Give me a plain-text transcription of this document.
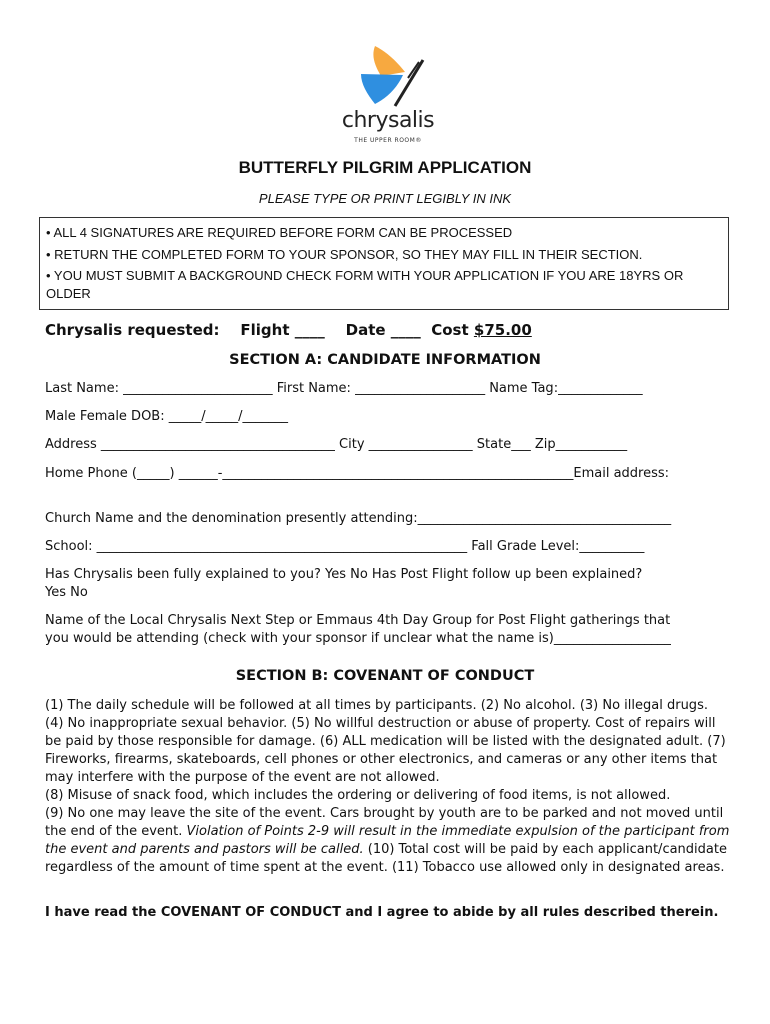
chrysalis
THE UPPER ROOM®
BUTTERFLY PILGRIM APPLICATION
PLEASE TYPE OR PRINT LEGIBLY IN INK
• ALL 4 SIGNATURES ARE REQUIRED BEFORE FORM CAN BE PROCESSED
• RETURN THE COMPLETED FORM TO YOUR SPONSOR, SO THEY MAY FILL IN THEIR SECTION.
• YOU MUST SUBMIT A BACKGROUND CHECK FORM WITH YOUR APPLICATION IF YOU ARE 18YRS OR OLDER
Chrysalis requested: Flight ____ Date ____ Cost $75.00
SECTION A: CANDIDATE INFORMATION
Last Name: _______________________ First Name: ____________________ Name Tag:_____________
Male Female DOB: _____/_____/_______
Address ____________________________________ City ________________ State___ Zip___________
Home Phone (_____) ______-______________________________________________________Email address:
Church Name and the denomination presently attending:_______________________________________
School: _________________________________________________________ Fall Grade Level:__________
Has Chrysalis been fully explained to you? Yes No Has Post Flight follow up been explained?
Yes No
Name of the Local Chrysalis Next Step or Emmaus 4th Day Group for Post Flight gatherings that
you would be attending (check with your sponsor if unclear what the name is)__________________
SECTION B: COVENANT OF CONDUCT
(1) The daily schedule will be followed at all times by participants. (2) No alcohol. (3) No illegal drugs. (4) No inappropriate sexual behavior. (5) No willful destruction or abuse of property. Cost of repairs will be paid by those responsible for damage. (6) ALL medication will be listed with the designated adult. (7) Fireworks, firearms, skateboards, cell phones or other electronics, and cameras or any other items that may interfere with the purpose of the event are not allowed.
(8) Misuse of snack food, which includes the ordering or delivering of food items, is not allowed.
(9) No one may leave the site of the event. Cars brought by youth are to be parked and not moved until the end of the event. Violation of Points 2-9 will result in the immediate expulsion of the participant from the event and parents and pastors will be called. (10) Total cost will be paid by each applicant/candidate regardless of the amount of time spent at the event. (11) Tobacco use allowed only in designated areas.
I have read the COVENANT OF CONDUCT and I agree to abide by all rules described therein.
